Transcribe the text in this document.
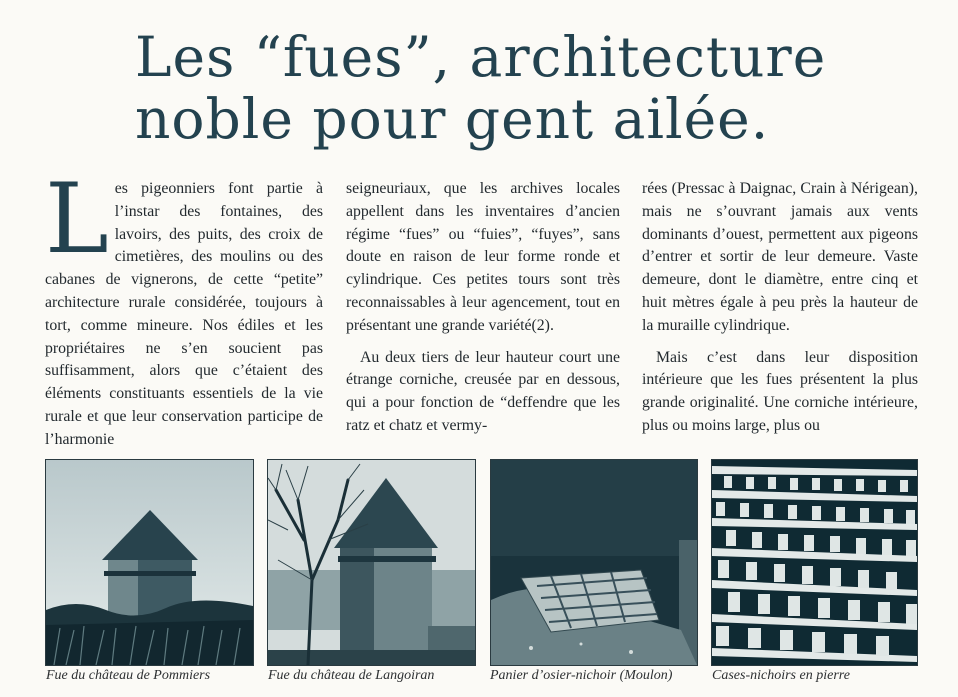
Les “fues”, architecture
noble pour gent ailée.

Les pigeonniers font partie à l’instar des fontaines, des lavoirs, des puits, des croix de cimetières, des moulins ou des cabanes de vignerons, de cette “petite” architecture rurale considérée, toujours à tort, comme mineure. Nos édiles et les propriétaires ne s’en soucient pas suffisamment, alors que c’étaient des éléments constituants essentiels de la vie rurale et que leur conservation participe de l’harmonie

seigneuriaux, que les archives locales appellent dans les inventaires d’ancien régime “fues” ou “fuies”, “fuyes”, sans doute en raison de leur forme ronde et cylindrique. Ces petites tours sont très reconnaissables à leur agencement, tout en présentant une grande variété(2).

Au deux tiers de leur hauteur court une étrange corniche, creusée par en dessous, qui a pour fonction de “deffendre que les ratz et chatz et vermy-

rées (Pressac à Daignac, Crain à Nérigean), mais ne s’ouvrant jamais aux vents dominants d’ouest, permettent aux pigeons d’entrer et sortir de leur demeure. Vaste demeure, dont le diamètre, entre cinq et huit mètres égale à peu près la hauteur de la muraille cylindrique.

Mais c’est dans leur disposition intérieure que les fues présentent la plus grande originalité. Une corniche intérieure, plus ou moins large, plus ou

Fue du château de Pommiers	Fue du château de Langoiran	Panier d’osier-nichoir (Moulon)	Cases-nichoirs en pierre
